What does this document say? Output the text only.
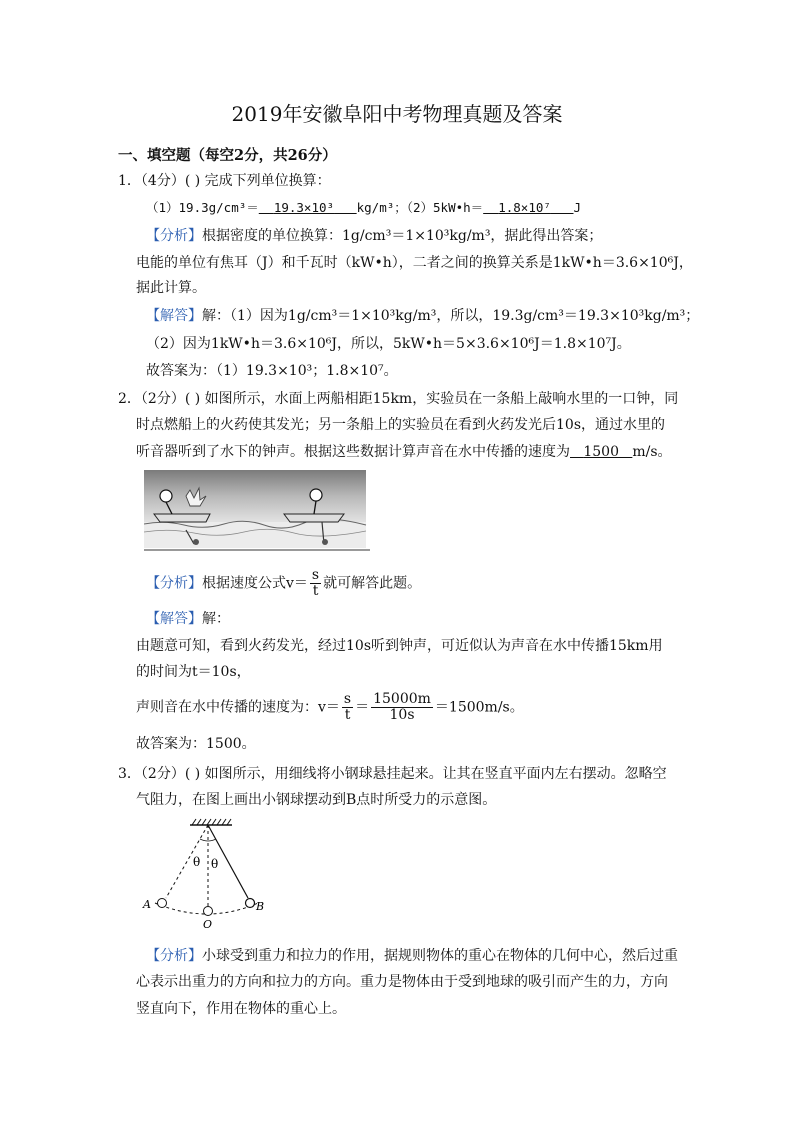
2019年安徽阜阳中考物理真题及答案
一、填空题（每空2分，共26分）
1．（4分）( ) 完成下列单位换算：
（1）19.3g/cm³＝ 19.3×10³ kg/m³；（2）5kW•h＝ 1.8×10⁷ J
【分析】根据密度的单位换算：1g/cm³＝1×10³kg/m³，据此得出答案；
电能的单位有焦耳（J）和千瓦时（kW•h），二者之间的换算关系是1kW•h＝3.6×10⁶J，
据此计算。
【解答】解：（1）因为1g/cm³＝1×10³kg/m³，所以，19.3g/cm³＝19.3×10³kg/m³；
（2）因为1kW•h＝3.6×10⁶J，所以，5kW•h＝5×3.6×10⁶J＝1.8×10⁷J。
故答案为：（1）19.3×10³；1.8×10⁷。
2．（2分）( ) 如图所示，水面上两船相距15km，实验员在一条船上敲响水里的一口钟，同
时点燃船上的火药使其发光；另一条船上的实验员在看到火药发光后10s，通过水里的
听音器听到了水下的钟声。根据这些数据计算声音在水中传播的速度为 1500 m/s。
【分析】根据速度公式$v= \frac{s}{t}$ 就可解答此题。
【解答】解：
由题意可知，看到火药发光，经过10s听到钟声，可近似认为声音在水中传播15km用
的时间为t＝10s，
声则音在水中传播的速度为：$v= \frac{s}{t} = \frac{15000m}{10s} =1500m/s$。
故答案为：1500。
3．（2分）( ) 如图所示，用细线将小钢球悬挂起来。让其在竖直平面内左右摆动。忽略空
气阻力，在图上画出小钢球摆动到B点时所受力的示意图。
θ θ
A	B
O
【分析】小球受到重力和拉力的作用，据规则物体的重心在物体的几何中心，然后过重
心表示出重力的方向和拉力的方向。重力是物体由于受到地球的吸引而产生的力，方向
竖直向下，作用在物体的重心上。
